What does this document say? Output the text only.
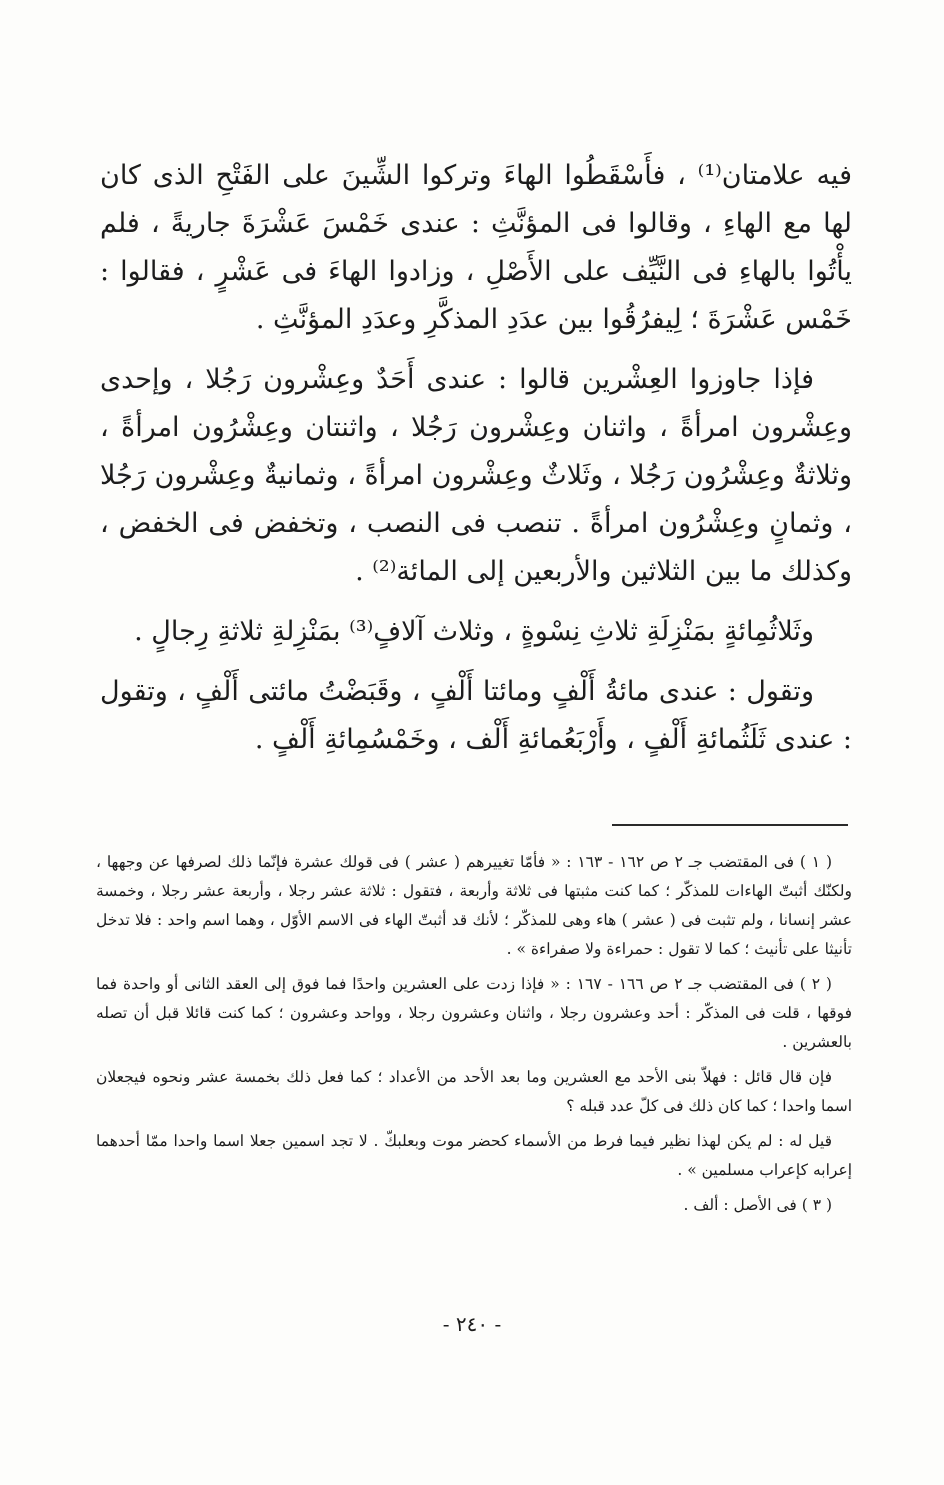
فيه علامتان⁽¹⁾ ، فأَسْقَطُوا الهاءَ وتركوا الشِّينَ على الفَتْحِ الذى كان لها مع الهاءِ ، وقالوا فى المؤنَّثِ : عندى خَمْسَ عَشْرَةَ جاريةً ، فلم يأْتُوا بالهاءِ فى النَّيِّف على الأَصْلِ ، وزادوا الهاءَ فى عَشْرٍ ، فقالوا : خَمْس عَشْرَةَ ؛ لِيفرُقُوا بين عدَدِ المذكَّرِ وعدَدِ المؤنَّثِ .

فإذا جاوزوا العِشْرين قالوا : عندى أَحَدٌ وعِشْرون رَجُلا ، وإحدى وعِشْرون امرأةً ، واثنان وعِشْرون رَجُلا ، واثنتان وعِشْرُون امرأةً ، وثلاثةٌ وعِشْرُون رَجُلا ، وثَلاثٌ وعِشْرون امرأةً ، وثمانيةٌ وعِشْرون رَجُلا ، وثمانٍ وعِشْرُون امرأةً . تنصب فى النصب ، وتخفض فى الخفض ، وكذلك ما بين الثلاثين والأربعين إلى المائة⁽²⁾ .

وثَلاثُمِائةٍ بمَنْزِلَةِ ثلاثِ نِسْوةٍ ، وثلاث آلافٍ⁽³⁾ بمَنْزِلةِ ثلاثةِ رِجالٍ .

وتقول : عندى مائةُ أَلْفٍ ومائتا أَلْفٍ ، وقَبَضْتُ مائتى أَلْفٍ ، وتقول : عندى ثَلَثُمائةِ أَلْفٍ ، وأَرْبَعُمائةِ أَلْف ، وخَمْسُمِائةِ أَلْفٍ .

( ١ ) فى المقتضب جـ ٢ ص ١٦٢ - ١٦٣ : « فأمّا تغييرهم ( عشر ) فى قولك عشرة فإنّما ذلك لصرفها عن وجهها ، ولكنّك أثبتّ الهاءات للمذكّر ؛ كما كنت مثبتها فى ثلاثة وأربعة ، فتقول : ثلاثة عشر رجلا ، وأربعة عشر رجلا ، وخمسة عشر إنسانا ، ولم تثبت فى ( عشر ) هاء وهى للمذكّر ؛ لأنك قد أثبتّ الهاء فى الاسم الأوّل ، وهما اسم واحد : فلا تدخل تأنيثا على تأنيث ؛ كما لا تقول : حمراءة ولا صفراءة » .

( ٢ ) فى المقتضب جـ ٢ ص ١٦٦ - ١٦٧ : « فإذا زدت على العشرين واحدًا فما فوق إلى العقد الثانى أو واحدة فما فوقها ، قلت فى المذكّر : أحد وعشرون رجلا ، واثنان وعشرون رجلا ، وواحد وعشرون ؛ كما كنت قائلا قبل أن تصله بالعشرين .

فإن قال قائل : فهلاّ بنى الأحد مع العشرين وما بعد الأحد من الأعداد ؛ كما فعل ذلك بخمسة عشر ونحوه فيجعلان اسما واحدا ؛ كما كان ذلك فى كلّ عدد قبله ؟

قيل له : لم يكن لهذا نظير فيما فرط من الأسماء كحضر موت وبعلبكّ . لا تجد اسمين جعلا اسما واحدا ممّا أحدهما إعرابه كإعراب مسلمين » .

( ٣ ) فى الأصل : ألف .

- ٢٤٠ -
